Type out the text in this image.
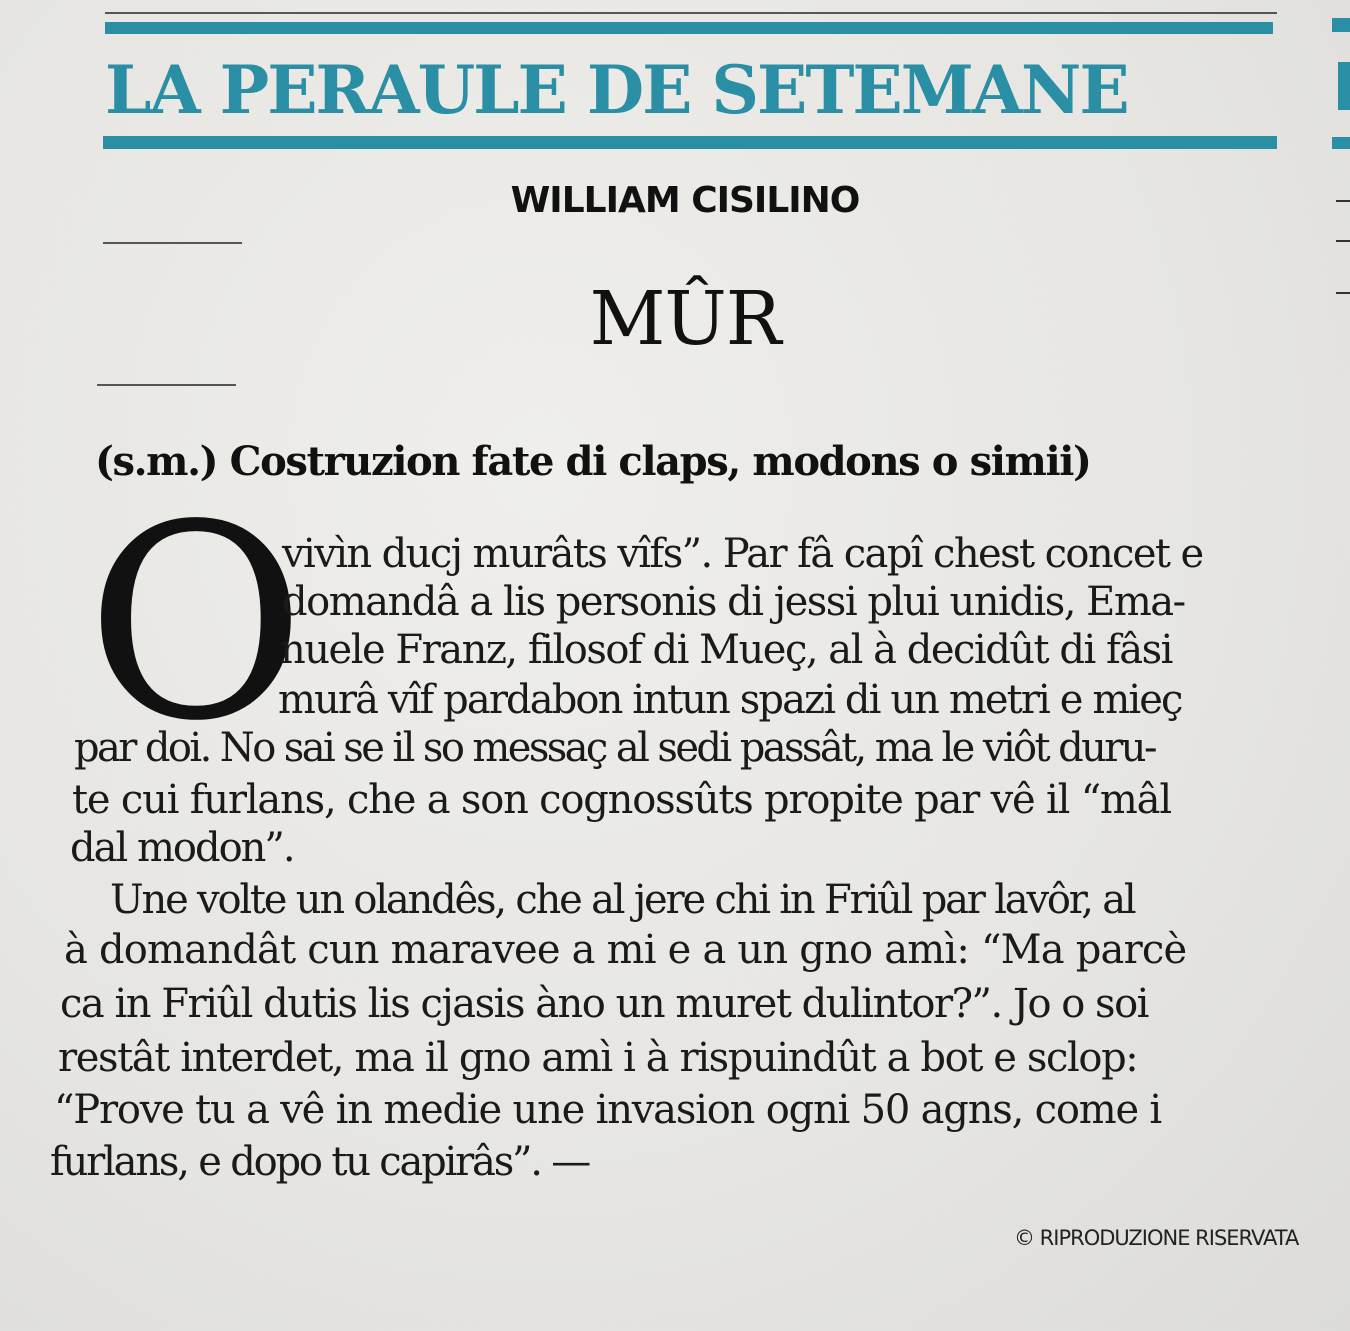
LA PERAULE DE SETEMANE
WILLIAM CISILINO
MÛR
(s.m.) Costruzion fate di claps, modons o simii)
O
vivìn ducj murâts vîfs”. Par fâ capî chest concet e
domandâ a lis personis di jessi plui unidis, Ema-
nuele Franz, filosof di Mueç, al à decidût di fâsi
murâ vîf pardabon intun spazi di un metri e mieç
par doi. No sai se il so messaç al sedi passât, ma le viôt duru-
te cui furlans, che a son cognossûts propite par vê il “mâl
dal modon”.
Une volte un olandês, che al jere chi in Friûl par lavôr, al
à domandât cun maravee a mi e a un gno amì: “Ma parcè
ca in Friûl dutis lis cjasis àno un muret dulintor?”. Jo o soi
restât interdet, ma il gno amì i à rispuindût a bot e sclop:
“Prove tu a vê in medie une invasion ogni 50 agns, come i
furlans, e dopo tu capirâs”. —
© RIPRODUZIONE RISERVATA
